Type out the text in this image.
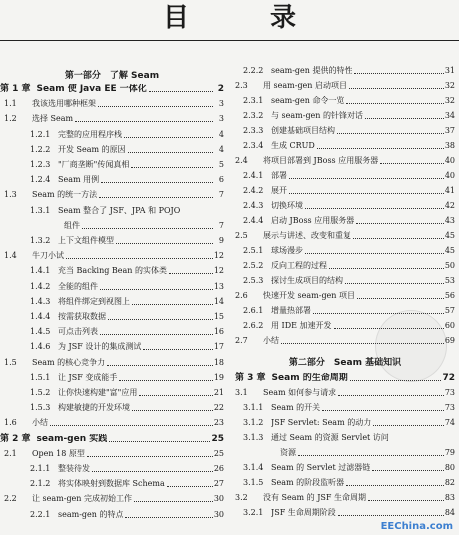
目 录
第一部分　了解 Seam
第 1 章 Seam 使 Java EE 一体化	2
1.1	我该选用哪种框架	3
1.2	选择 Seam	3
1.2.1 完整的应用程序栈	4
1.2.2 开发 Seam 的原因	4
1.2.3 "厂商垄断"传闻真相	5
1.2.4 Seam 用例	6
1.3	Seam 的统一方法	7
1.3.1 Seam 整合了 JSF、JPA 和 POJO
组件	7
1.3.2 上下文组件模型	9
1.4	牛刀小试	12
1.4.1 充当 Backing Bean 的实体类	12
1.4.2 全能的组件	13
1.4.3 将组件绑定到视图上	14
1.4.4 按需获取数据	15
1.4.5 可点击列表	16
1.4.6 为 JSF 设计的集成测试	17
1.5	Seam 的核心竞争力	18
1.5.1 让 JSF 变成能手	19
1.5.2 让你快速构建"富"应用	21
1.5.3 构建敏捷的开发环境	22
1.6	小结	23
第 2 章 seam-gen 实践	25
2.1	Open 18 原型	25
2.1.1 整装待发	26
2.1.2 将实体映射到数据库 Schema	27
2.2	让 seam-gen 完成初始工作	30
2.2.1 seam-gen 的特点	30
2.2.2 seam-gen 提供的特性	31
2.3	用 seam-gen 启动项目	32
2.3.1 seam-gen 命令一览	32
2.3.2 与 seam-gen 的针锋对话	34
2.3.3 创建基础项目结构	37
2.3.4 生成 CRUD	38
2.4	将项目部署到 JBoss 应用服务器	40
2.4.1 部署	40
2.4.2 展开	41
2.4.3 切换环境	42
2.4.4 启动 JBoss 应用服务器	43
2.5	展示与讲述、改变和重复	45
2.5.1 球场漫步	45
2.5.2 反向工程的过程	50
2.5.3 探讨生成项目的结构	53
2.6	快速开发 seam-gen 项目	56
2.6.1 增量热部署	57
2.6.2 用 IDE 加速开发	60
2.7	小结	69
第二部分　Seam 基础知识
第 3 章 Seam 的生命周期	72
3.1	Seam 如何参与请求	73
3.1.1 Seam 的开关	73
3.1.2 JSF Servlet: Seam 的动力	74
3.1.3 通过 Seam 的资源 Servlet 访问
资源	79
3.1.4 Seam 的 Servlet 过滤器链	80
3.1.5 Seam 的阶段监听器	82
3.2	没有 Seam 的 JSF 生命周期	83
3.2.1 JSF 生命周期阶段	84
EEChina.com
